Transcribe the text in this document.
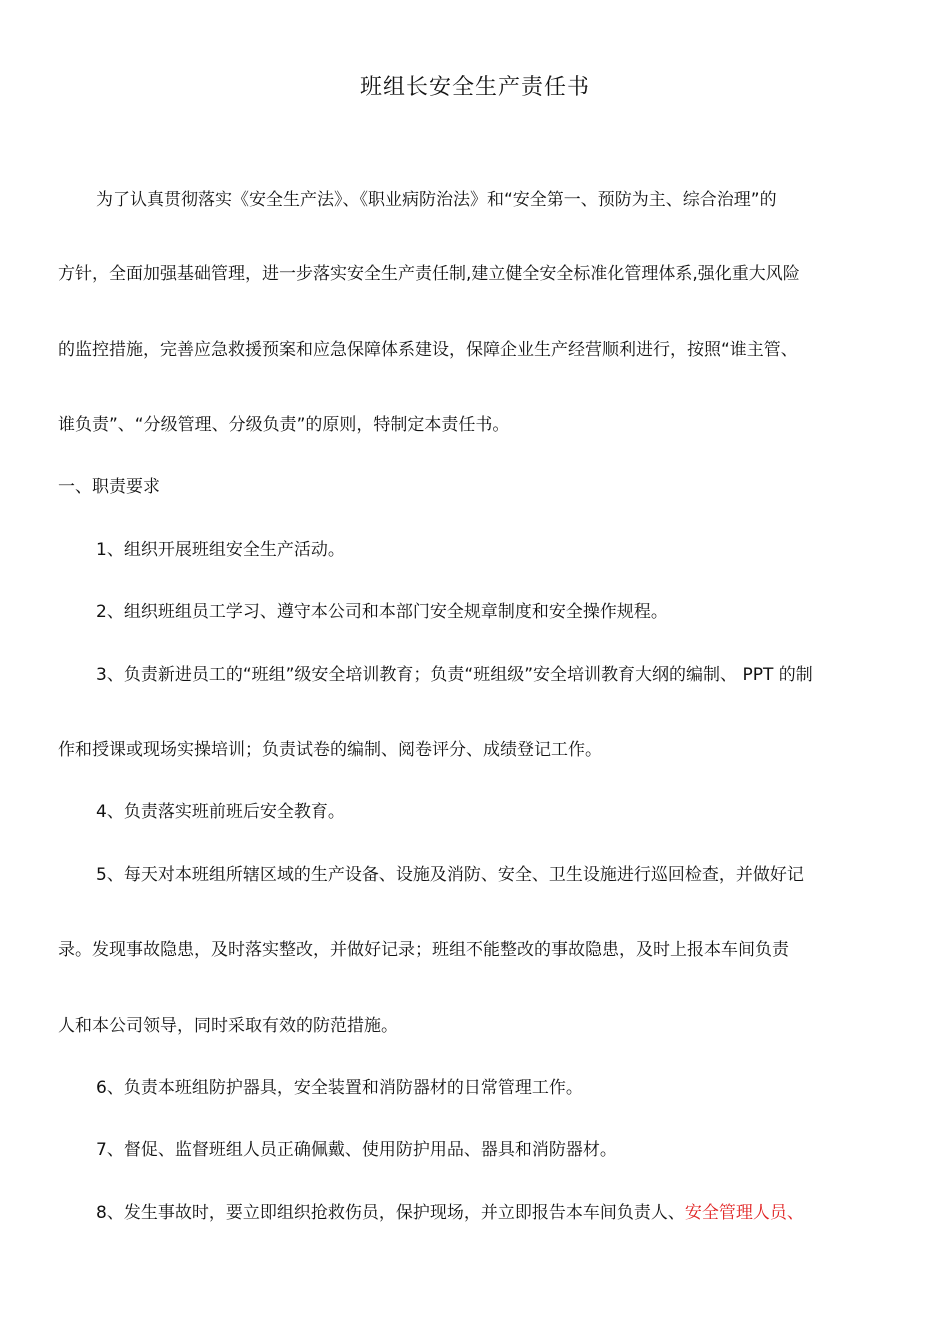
班组长安全生产责任书
为了认真贯彻落实《安全生产法》、《职业病防治法》和“安全第一、预防为主、综合治理”的
方针，全面加强基础管理，进一步落实安全生产责任制,建立健全安全标准化管理体系,强化重大风险
的监控措施，完善应急救援预案和应急保障体系建设，保障企业生产经营顺利进行，按照“谁主管、
谁负责”、“分级管理、分级负责”的原则，特制定本责任书。
一、职责要求
1、组织开展班组安全生产活动。
2、组织班组员工学习、遵守本公司和本部门安全规章制度和安全操作规程。
3、负责新进员工的“班组”级安全培训教育；负责“班组级”安全培训教育大纲的编制、 PPT 的制
作和授课或现场实操培训；负责试卷的编制、阅卷评分、成绩登记工作。
4、负责落实班前班后安全教育。
5、每天对本班组所辖区域的生产设备、设施及消防、安全、卫生设施进行巡回检查，并做好记
录。发现事故隐患，及时落实整改，并做好记录；班组不能整改的事故隐患，及时上报本车间负责
人和本公司领导，同时采取有效的防范措施。
6、负责本班组防护器具，安全装置和消防器材的日常管理工作。
7、督促、监督班组人员正确佩戴、使用防护用品、器具和消防器材。
8、发生事故时，要立即组织抢救伤员，保护现场，并立即报告本车间负责人、安全管理人员、
